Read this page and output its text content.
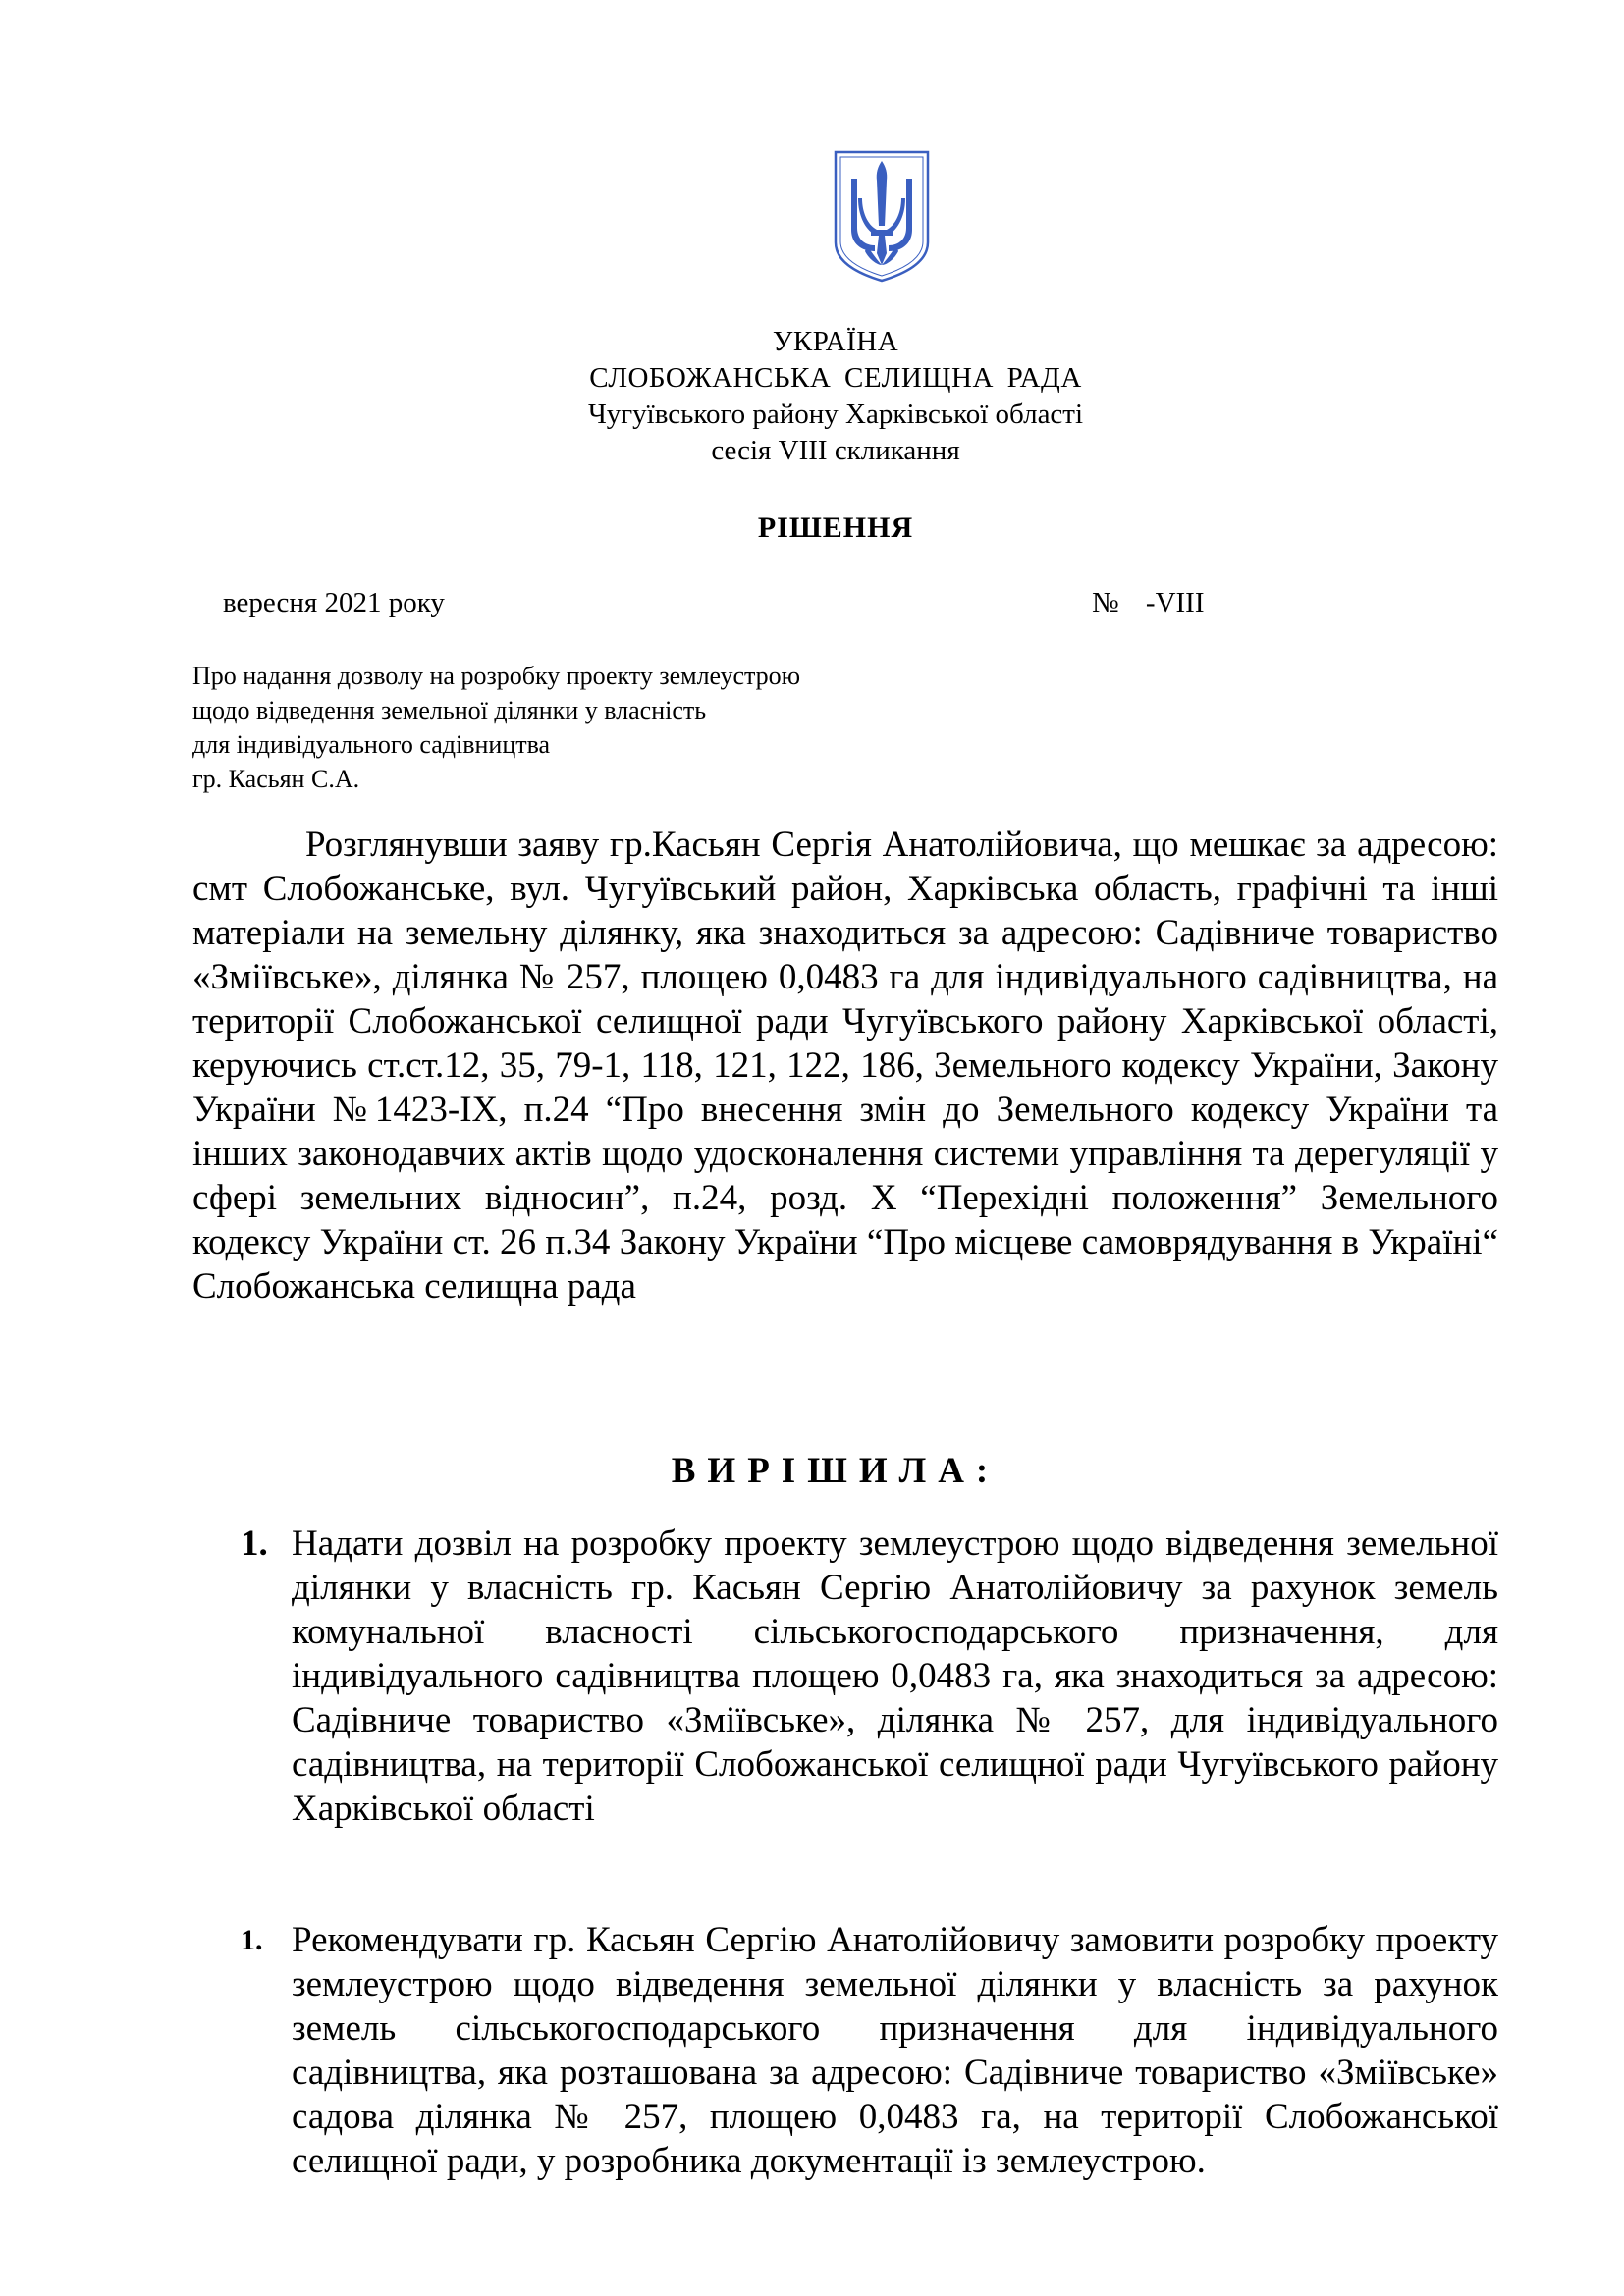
УКРАЇНА
СЛОБОЖАНСЬКА СЕЛИЩНА РАДА
Чугуївського району Харківської області
сесія VIII скликання
РІШЕННЯ
вересня 2021 року	№ -VIII
Про надання дозволу на розробку проекту землеустрою
щодо відведення земельної ділянки у власність
для індивідуального садівництва
гр. Касьян С.А.
Розглянувши заяву гр.Касьян Сергія Анатолійовича, що мешкає за адресою: смт Слобожанське, вул. Чугуївський район, Харківська область, графічні та інші матеріали на земельну ділянку, яка знаходиться за адресою: Садівниче товариство «Зміївське», ділянка № 257, площею 0,0483 га для індивідуального садівництва, на території Слобожанської селищної ради Чугуївського району Харківської області, керуючись ст.ст.12, 35, 79-1, 118, 121, 122, 186, Земельного кодексу України, Закону України №1423-IX, п.24 “Про внесення змін до Земельного кодексу України та інших законодавчих актів щодо удосконалення системи управління та дерегуляції у сфері земельних відносин”, п.24, розд. X “Перехідні положення” Земельного кодексу України ст. 26 п.34 Закону України “Про місцеве самоврядування в Україні“ Слобожанська селищна рада
ВИРІШИЛА:
1. Надати дозвіл на розробку проекту землеустрою щодо відведення земельної ділянки у власність гр. Касьян Сергію Анатолійовичу за рахунок земель комунальної власності сільськогосподарського призначення, для індивідуального садівництва площею 0,0483 га, яка знаходиться за адресою: Садівниче товариство «Зміївське», ділянка № 257, для індивідуального садівництва, на території Слобожанської селищної ради Чугуївського району Харківської області
1. Рекомендувати гр. Касьян Сергію Анатолійовичу замовити розробку проекту землеустрою щодо відведення земельної ділянки у власність за рахунок земель сільськогосподарського призначення для індивідуального садівництва, яка розташована за адресою: Садівниче товариство «Зміївське» садова ділянка № 257, площею 0,0483 га, на території Слобожанської селищної ради, у розробника документації із землеустрою.
